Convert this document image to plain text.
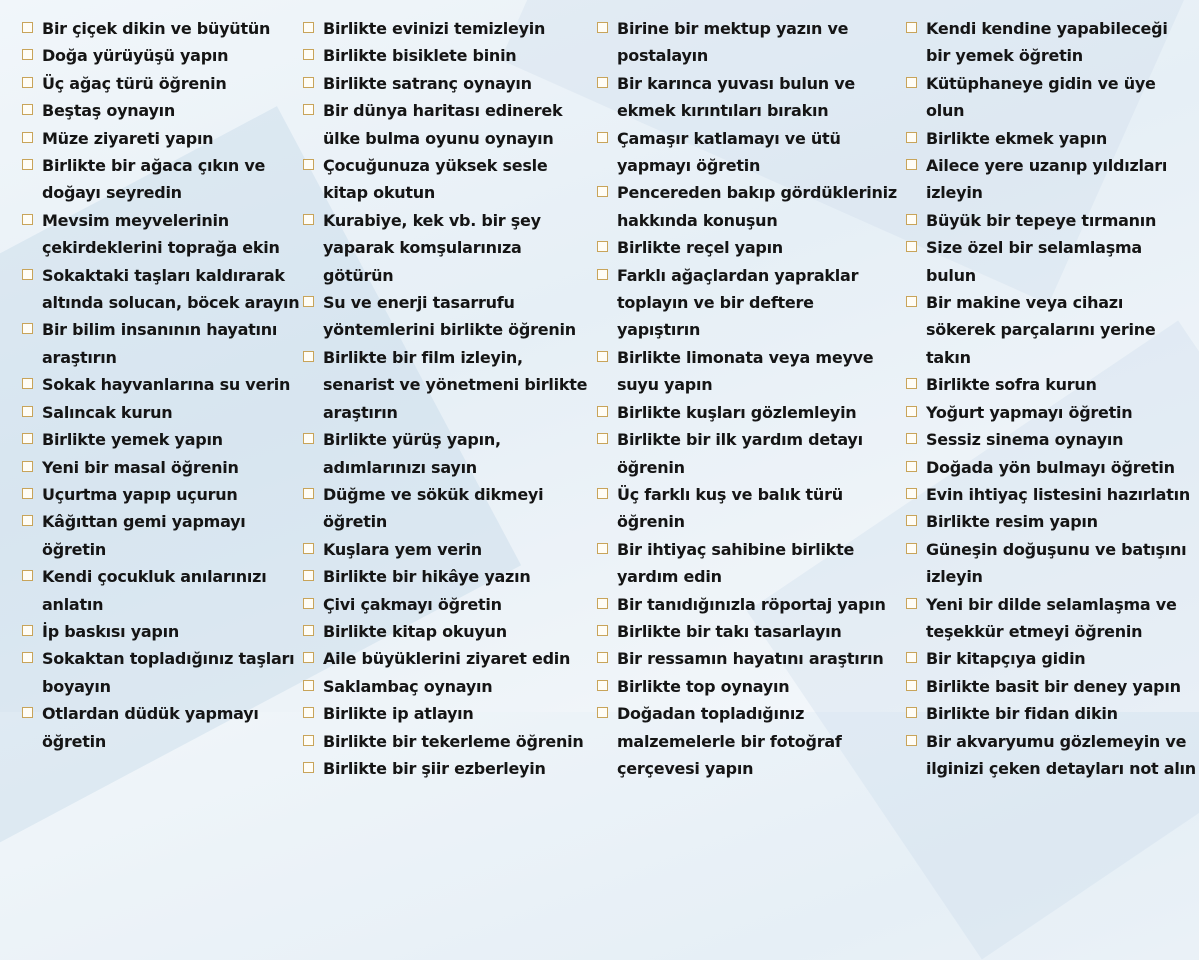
Bir çiçek dikin ve büyütün
Doğa yürüyüşü yapın
Üç ağaç türü öğrenin
Beştaş oynayın
Müze ziyareti yapın
Birlikte bir ağaca çıkın ve doğayı seyredin
Mevsim meyvelerinin çekirdeklerini toprağa ekin
Sokaktaki taşları kaldırarak altında solucan, böcek arayın
Bir bilim insanının hayatını araştırın
Sokak hayvanlarına su verin
Salıncak kurun
Birlikte yemek yapın
Yeni bir masal öğrenin
Uçurtma yapıp uçurun
Kâğıttan gemi yapmayı öğretin
Kendi çocukluk anılarınızı anlatın
İp baskısı yapın
Sokaktan topladığınız taşları boyayın
Otlardan düdük yapmayı öğretin
Birlikte evinizi temizleyin
Birlikte bisiklete binin
Birlikte satranç oynayın
Bir dünya haritası edinerek ülke bulma oyunu oynayın
Çocuğunuza yüksek sesle kitap okutun
Kurabiye, kek vb. bir şey yaparak komşularınıza götürün
Su ve enerji tasarrufu yöntemlerini birlikte öğrenin
Birlikte bir film izleyin, senarist ve yönetmeni birlikte araştırın
Birlikte yürüş yapın, adımlarınızı sayın
Düğme ve sökük dikmeyi öğretin
Kuşlara yem verin
Birlikte bir hikâye yazın
Çivi çakmayı öğretin
Birlikte kitap okuyun
Aile büyüklerini ziyaret edin
Saklambaç oynayın
Birlikte ip atlayın
Birlikte bir tekerleme öğrenin
Birlikte bir şiir ezberleyin
Birine bir mektup yazın ve postalayın
Bir karınca yuvası bulun ve ekmek kırıntıları bırakın
Çamaşır katlamayı ve ütü yapmayı öğretin
Pencereden bakıp gördükleriniz hakkında konuşun
Birlikte reçel yapın
Farklı ağaçlardan yapraklar toplayın ve bir deftere yapıştırın
Birlikte limonata veya meyve suyu yapın
Birlikte kuşları gözlemleyin
Birlikte bir ilk yardım detayı öğrenin
Üç farklı kuş ve balık türü öğrenin
Bir ihtiyaç sahibine birlikte yardım edin
Bir tanıdığınızla röportaj yapın
Birlikte bir takı tasarlayın
Bir ressamın hayatını araştırın
Birlikte top oynayın
Doğadan topladığınız malzemelerle bir fotoğraf çerçevesi yapın
Kendi kendine yapabileceği bir yemek öğretin
Kütüphaneye gidin ve üye olun
Birlikte ekmek yapın
Ailece yere uzanıp yıldızları izleyin
Büyük bir tepeye tırmanın
Size özel bir selamlaşma bulun
Bir makine veya cihazı sökerek parçalarını yerine takın
Birlikte sofra kurun
Yoğurt yapmayı öğretin
Sessiz sinema oynayın
Doğada yön bulmayı öğretin
Evin ihtiyaç listesini hazırlatın
Birlikte resim yapın
Güneşin doğuşunu ve batışını izleyin
Yeni bir dilde selamlaşma ve teşekkür etmeyi öğrenin
Bir kitapçıya gidin
Birlikte basit bir deney yapın
Birlikte bir fidan dikin
Bir akvaryumu gözlemeyin ve ilginizi çeken detayları not alın
